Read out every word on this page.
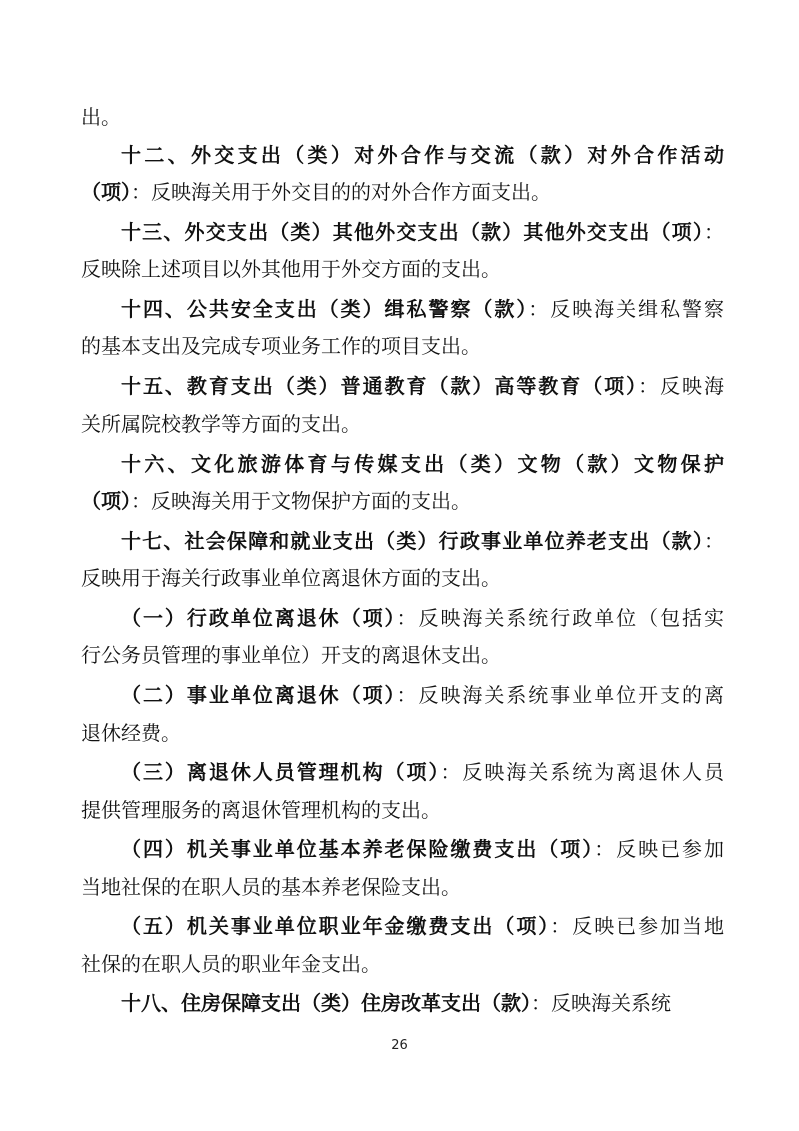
出。
十二、外交支出（类）对外合作与交流（款）对外合作活动
（项）：反映海关用于外交目的的对外合作方面支出。
十三、外交支出（类）其他外交支出（款）其他外交支出（项）：
反映除上述项目以外其他用于外交方面的支出。
十四、公共安全支出（类）缉私警察（款）：反映海关缉私警察
的基本支出及完成专项业务工作的项目支出。
十五、教育支出（类）普通教育（款）高等教育（项）：反映海
关所属院校教学等方面的支出。
十六、文化旅游体育与传媒支出（类）文物（款）文物保护
（项）：反映海关用于文物保护方面的支出。
十七、社会保障和就业支出（类）行政事业单位养老支出（款）：
反映用于海关行政事业单位离退休方面的支出。
（一）行政单位离退休（项）：反映海关系统行政单位（包括实
行公务员管理的事业单位）开支的离退休支出。
（二）事业单位离退休（项）：反映海关系统事业单位开支的离
退休经费。
（三）离退休人员管理机构（项）：反映海关系统为离退休人员
提供管理服务的离退休管理机构的支出。
（四）机关事业单位基本养老保险缴费支出（项）：反映已参加
当地社保的在职人员的基本养老保险支出。
（五）机关事业单位职业年金缴费支出（项）：反映已参加当地
社保的在职人员的职业年金支出。
十八、住房保障支出（类）住房改革支出（款）：反映海关系统
26
